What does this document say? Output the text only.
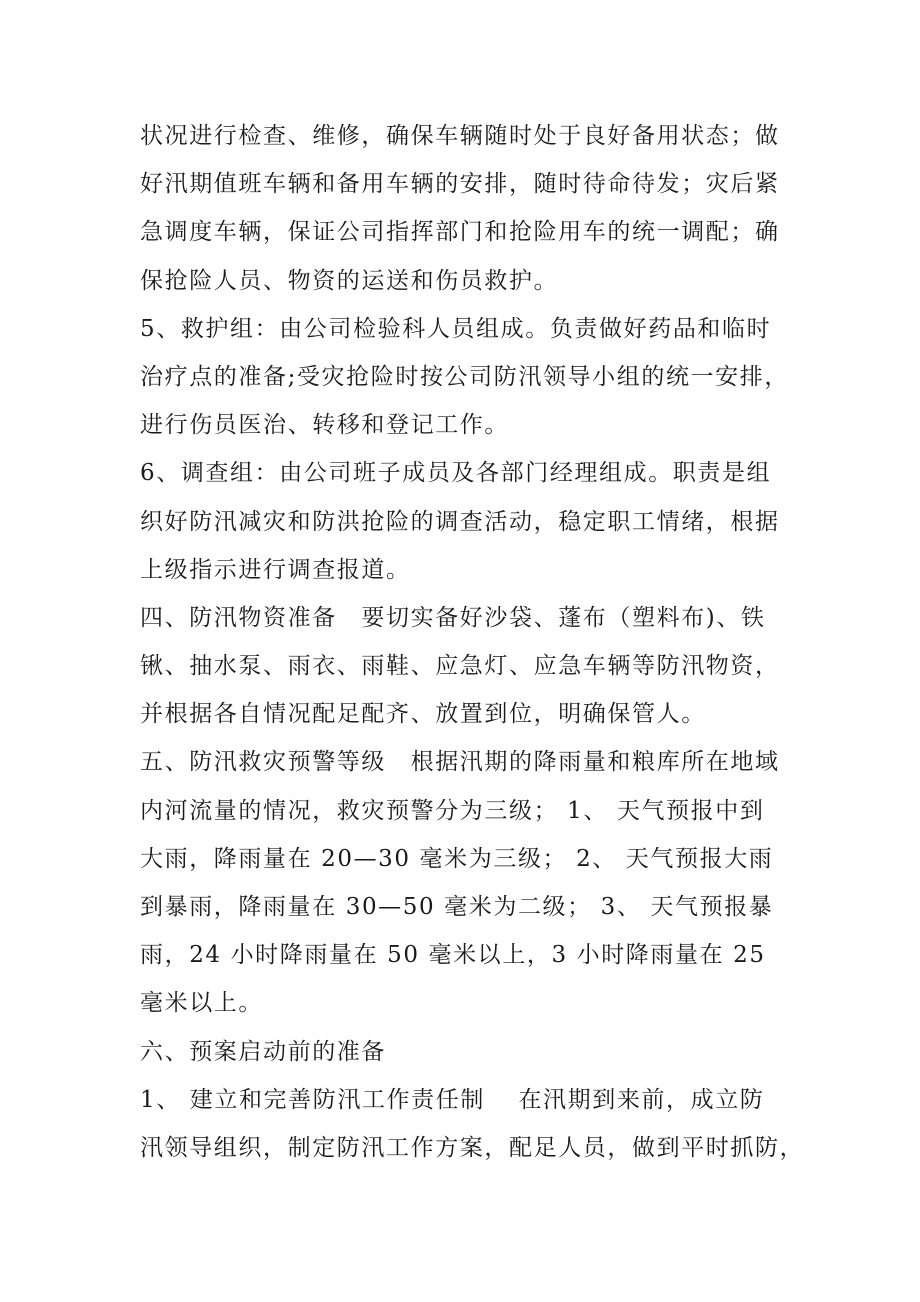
状况进行检查、维修，确保车辆随时处于良好备用状态；做
好汛期值班车辆和备用车辆的安排，随时待命待发；灾后紧
急调度车辆，保证公司指挥部门和抢险用车的统一调配；确
保抢险人员、物资的运送和伤员救护。
5、救护组：由公司检验科人员组成。负责做好药品和临时
治疗点的准备;受灾抢险时按公司防汛领导小组的统一安排，
进行伤员医治、转移和登记工作。
6、调查组：由公司班子成员及各部门经理组成。职责是组
织好防汛减灾和防洪抢险的调查活动，稳定职工情绪，根据
上级指示进行调查报道。
四、防汛物资准备　要切实备好沙袋、蓬布（塑料布)、铁
锹、抽水泵、雨衣、雨鞋、应急灯、应急车辆等防汛物资，
并根据各自情况配足配齐、放置到位，明确保管人。
五、防汛救灾预警等级　根据汛期的降雨量和粮库所在地域
内河流量的情况，救灾预警分为三级； 1、 天气预报中到
大雨，降雨量在 20—30 毫米为三级； 2、 天气预报大雨
到暴雨，降雨量在 30—50 毫米为二级； 3、 天气预报暴
雨，24 小时降雨量在 50 毫米以上，3 小时降雨量在 25
毫米以上。
六、预案启动前的准备
1、 建立和完善防汛工作责任制　 在汛期到来前，成立防
汛领导组织，制定防汛工作方案，配足人员，做到平时抓防，
